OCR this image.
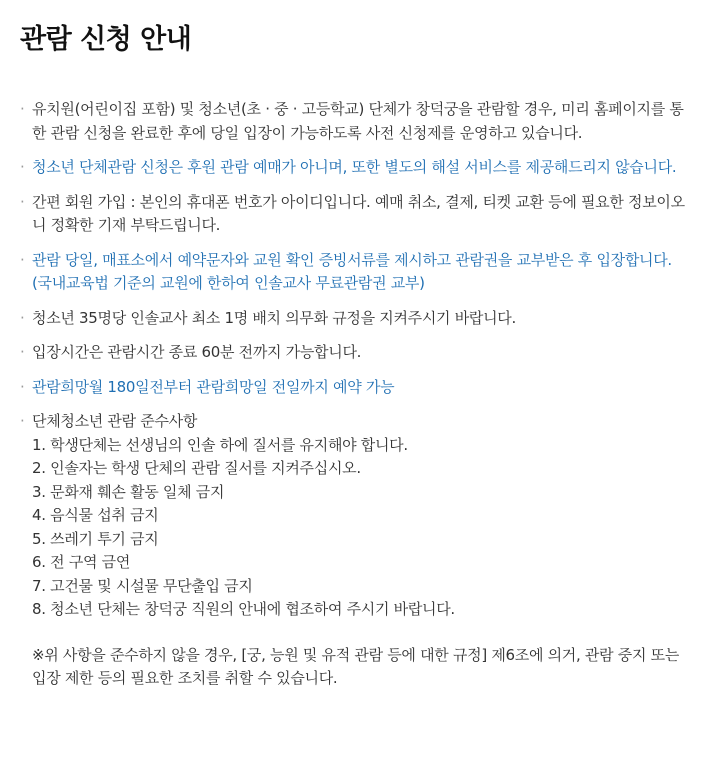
관람 신청 안내
· 유치원(어린이집 포함) 및 청소년(초 · 중 · 고등학교) 단체가 창덕궁을 관람할 경우, 미리 홈페이지를 통한 관람 신청을 완료한 후에 당일 입장이 가능하도록 사전 신청제를 운영하고 있습니다.
· 청소년 단체관람 신청은 후원 관람 예매가 아니며, 또한 별도의 해설 서비스를 제공해드리지 않습니다.
· 간편 회원 가입 : 본인의 휴대폰 번호가 아이디입니다. 예매 취소, 결제, 티켓 교환 등에 필요한 정보이오니 정확한 기재 부탁드립니다.
· 관람 당일, 매표소에서 예약문자와 교원 확인 증빙서류를 제시하고 관람권을 교부받은 후 입장합니다.(국내교육법 기준의 교원에 한하여 인솔교사 무료관람권 교부)
· 청소년 35명당 인솔교사 최소 1명 배치 의무화 규정을 지켜주시기 바랍니다.
· 입장시간은 관람시간 종료 60분 전까지 가능합니다.
· 관람희망월 180일전부터 관람희망일 전일까지 예약 가능
· 단체청소년 관람 준수사항
1. 학생단체는 선생님의 인솔 하에 질서를 유지해야 합니다.
2. 인솔자는 학생 단체의 관람 질서를 지켜주십시오.
3. 문화재 훼손 활동 일체 금지
4. 음식물 섭취 금지
5. 쓰레기 투기 금지
6. 전 구역 금연
7. 고건물 및 시설물 무단출입 금지
8. 청소년 단체는 창덕궁 직원의 안내에 협조하여 주시기 바랍니다.
※위 사항을 준수하지 않을 경우, [궁, 능원 및 유적 관람 등에 대한 규정] 제6조에 의거, 관람 중지 또는 입장 제한 등의 필요한 조치를 취할 수 있습니다.
